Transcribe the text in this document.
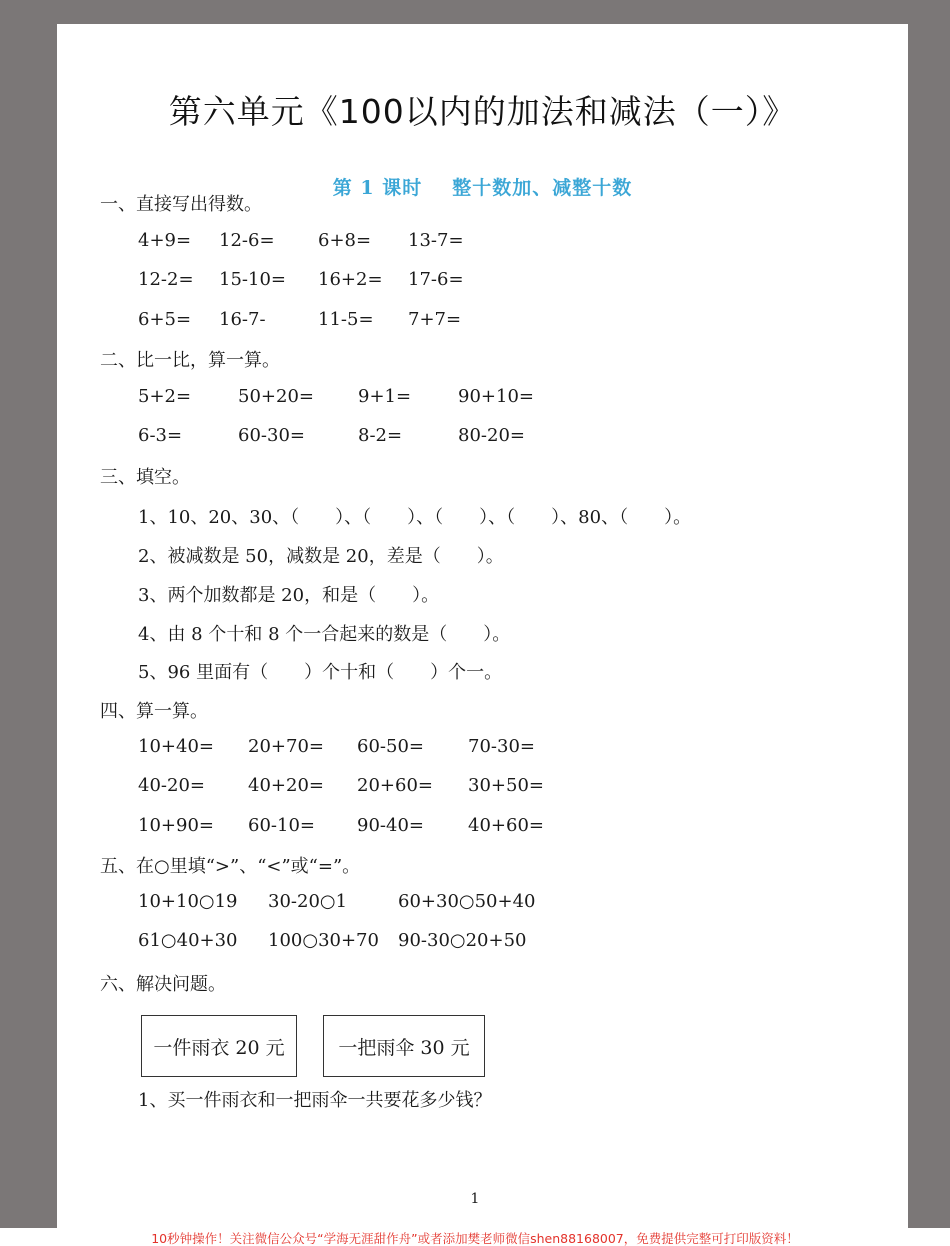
第六单元《100以内的加法和减法（一）》
第 1 课时 整十数加、减整十数
一、直接写出得数。
4+9= 12-6= 6+8= 13-7=
12-2= 15-10= 16+2= 17-6=
6+5= 16-7-	11-5= 7+7=
二、比一比，算一算。
5+2=	50+20= 9+1=	90+10=
6-3=	60-30=	8-2=	80-20=
三、填空。
1、10、20、30、（　　）、（　　）、（　　）、（　　）、80、（　　）。
2、被减数是 50，减数是 20，差是（　　）。
3、两个加数都是 20，和是（　　）。
4、由 8 个十和 8 个一合起来的数是（　　）。
5、96 里面有（　　）个十和（　　）个一。
四、算一算。
10+40= 20+70= 60-50= 70-30=
40-20= 40+20= 20+60= 30+50=
10+90= 60-10= 90-40= 40+60=
五、在○里填“>”、“<”或“=”。
10+10○19 30-20○1	60+30○50+40
61○40+30 100○30+70 90-30○20+50
六、解决问题。
一件雨衣 20 元	一把雨伞 30 元
1、买一件雨衣和一把雨伞一共要花多少钱？
1
10秒钟操作！关注微信公众号“学海无涯甜作舟”或者添加樊老师微信shen88168007，免费提供完整可打印版资料！
